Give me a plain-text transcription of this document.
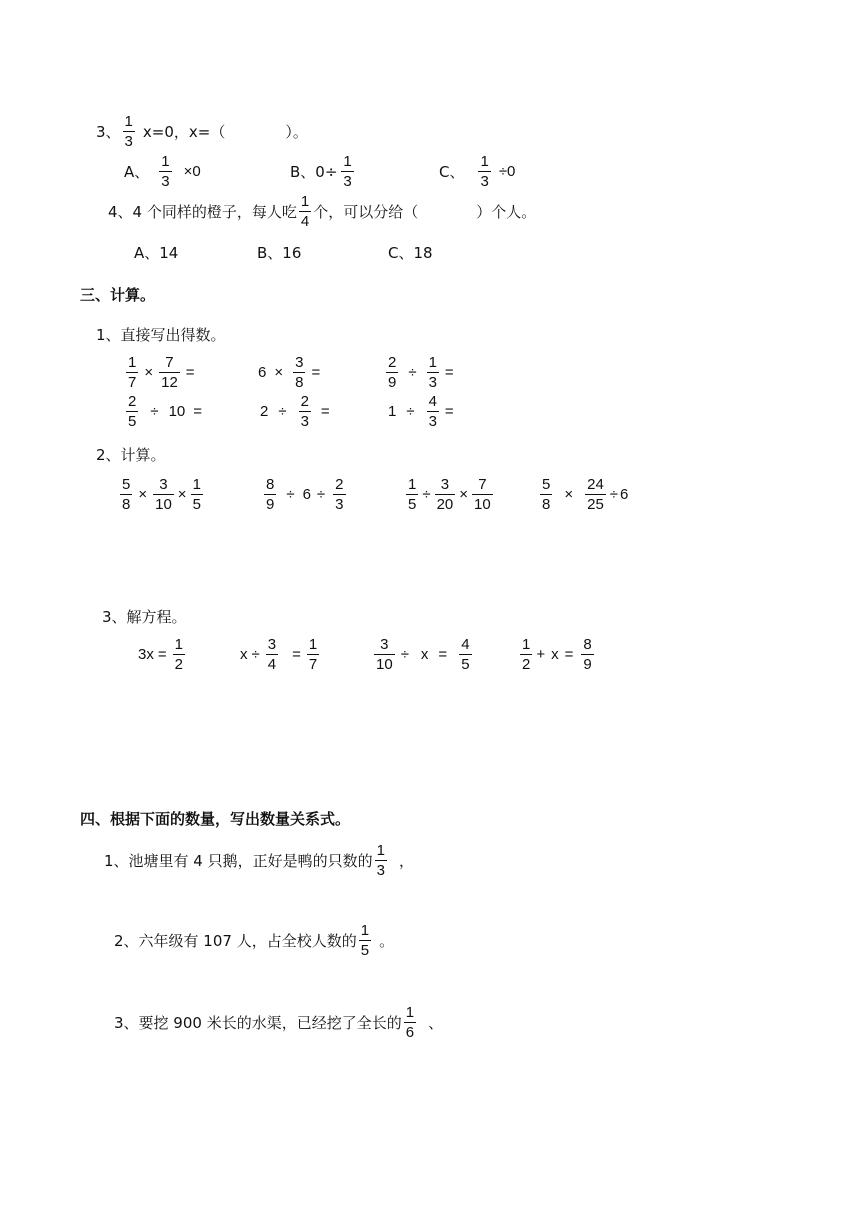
3、 $\frac{1}{3} x=0$，x=（	）。
A、 $\frac{1}{3} \times 0$	B、$0\div \frac{1}{3}$	C、 $\frac{1}{3} \div 0$
4、4 个同样的橙子，每人吃 $\frac{1}{4}$ 个，可以分给（	）个人。
A、14	B、16	C、18
三、计算。
1、直接写出得数。
$\frac{1}{7} \times \frac{7}{12}$ =	$6 \times \frac{3}{8}$ =	$\frac{2}{9} \div \frac{1}{3}$ =
$\frac{2}{5} \div 10$ =	$2 \div \frac{2}{3}$ =	$1 \div \frac{4}{3}$ =
2、计算。
$\frac{5}{8} \times \frac{3}{10} \times \frac{1}{5}$	$\frac{8}{9} \div 6 \div \frac{2}{3}$	$\frac{1}{5} \div \frac{3}{20} \times \frac{7}{10}$	$\frac{5}{8} \times \frac{24}{25} \div 6$
3、解方程。
$3x = \frac{1}{2}$	$x \div \frac{3}{4} = \frac{1}{7}$	$\frac{3}{10} \div x = \frac{4}{5}$	$\frac{1}{2} + x = \frac{8}{9}$
四、根据下面的数量，写出数量关系式。
1、池塘里有 4 只鹅，正好是鸭的只数的 $\frac{1}{3}$ ，
2、六年级有 107 人，占全校人数的 $\frac{1}{5}$ 。
3、要挖 900 米长的水渠，已经挖了全长的 $\frac{1}{6}$ 、
